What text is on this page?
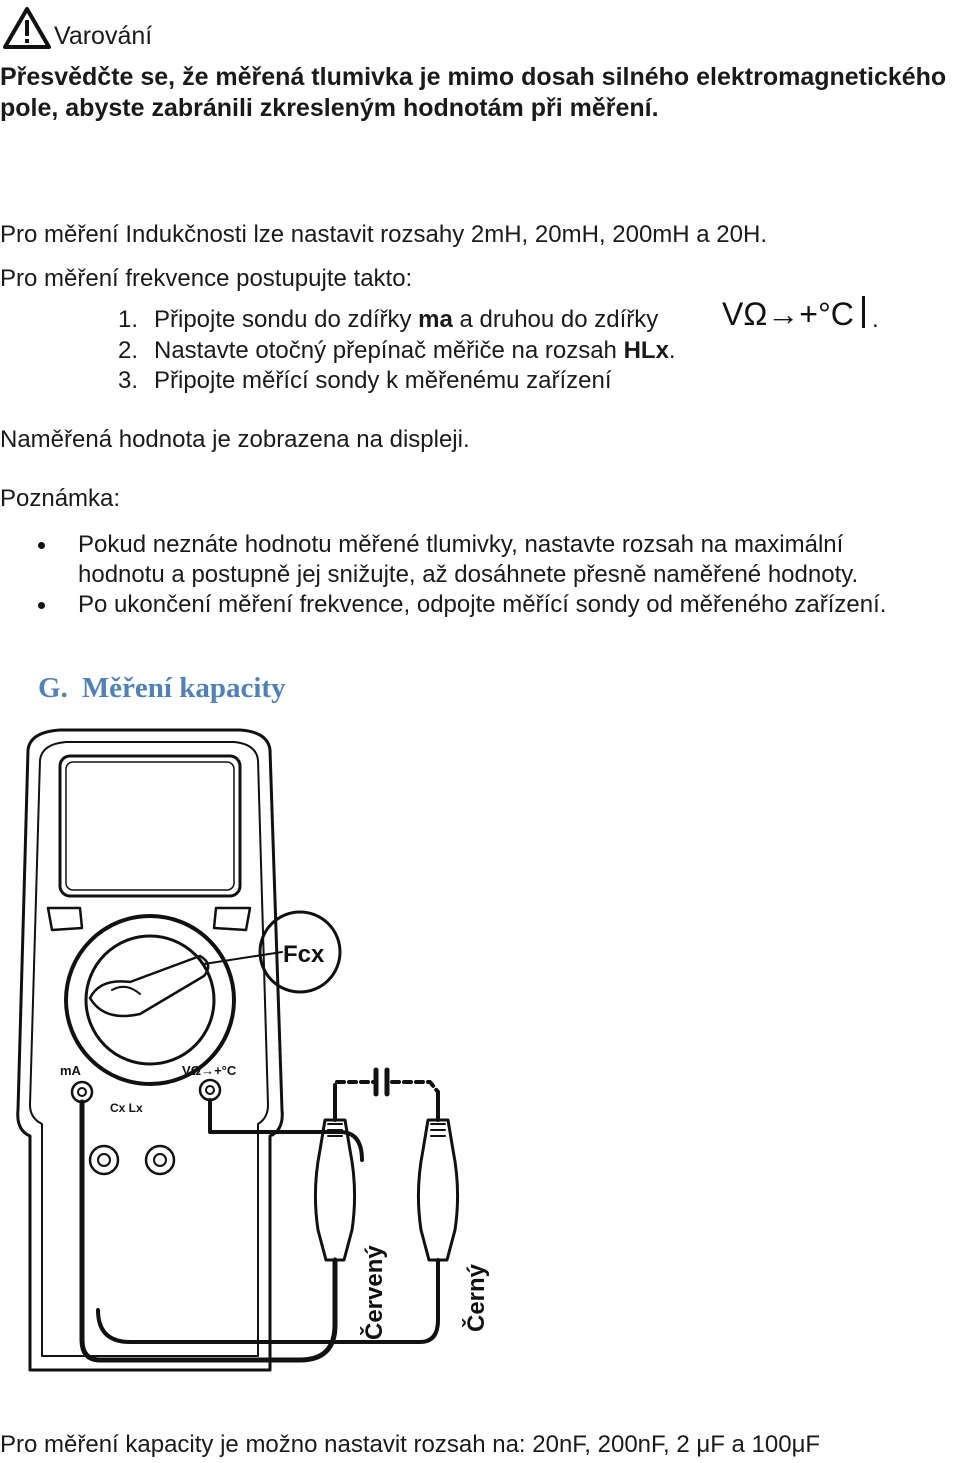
Varování
Přesvědčte se, že měřená tlumivka je mimo dosah silného elektromagnetického pole, abyste zabránili zkresleným hodnotám při měření.
Pro měření Indukčnosti lze nastavit rozsahy 2mH, 20mH, 200mH a 20H.
Pro měření frekvence postupujte takto:
1. Připojte sondu do zdířky ma a druhou do zdířky VΩ→+°C .
2. Nastavte otočný přepínač měřiče na rozsah HLx.
3. Připojte měřící sondy k měřenému zařízení
Naměřená hodnota je zobrazena na displeji.
Poznámka:
Pokud neznáte hodnotu měřené tlumivky, nastavte rozsah na maximální
hodnotu a postupně jej snižujte, až dosáhnete přesně naměřené hodnoty.
Po ukončení měření frekvence, odpojte měřící sondy od měřeného zařízení.
G. Měření kapacity
Fcx
mA	VΩ→+°C
Cx Lx
Červený	Černý
Pro měření kapacity je možno nastavit rozsah na: 20nF, 200nF, 2 μF a 100μF
